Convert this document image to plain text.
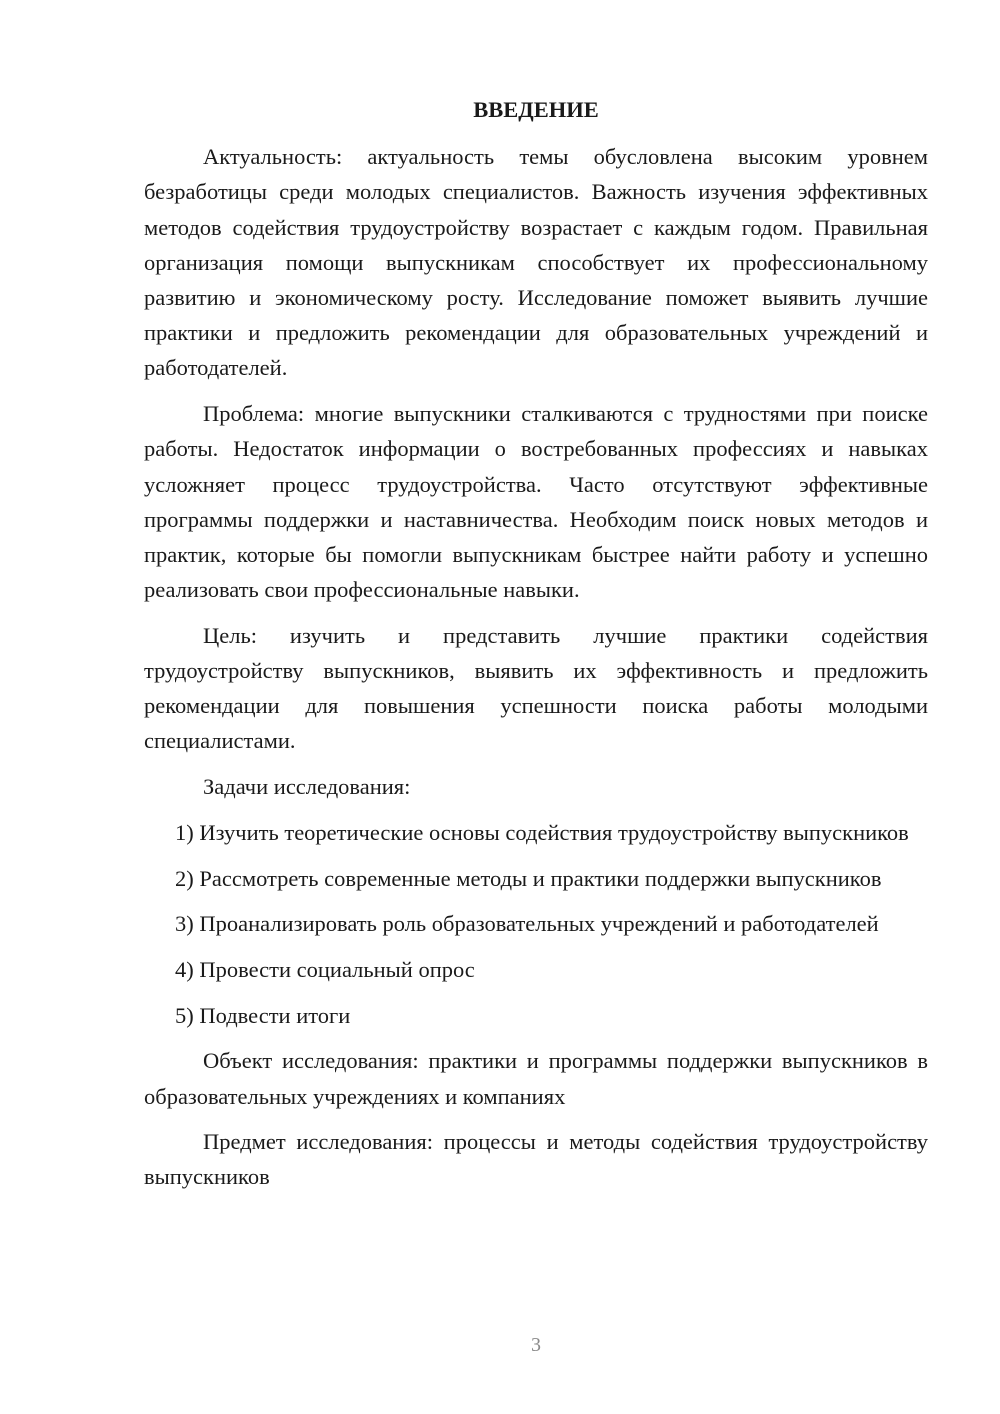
ВВЕДЕНИЕ

Актуальность: актуальность темы обусловлена высоким уровнем безработицы среди молодых специалистов. Важность изучения эффективных методов содействия трудоустройству возрастает с каждым годом. Правильная организация помощи выпускникам способствует их профессиональному развитию и экономическому росту. Исследование поможет выявить лучшие практики и предложить рекомендации для образовательных учреждений и работодателей.

Проблема: многие выпускники сталкиваются с трудностями при поиске работы. Недостаток информации о востребованных профессиях и навыках усложняет процесс трудоустройства. Часто отсутствуют эффективные программы поддержки и наставничества. Необходим поиск новых методов и практик, которые бы помогли выпускникам быстрее найти работу и успешно реализовать свои профессиональные навыки.

Цель: изучить и представить лучшие практики содействия трудоустройству выпускников, выявить их эффективность и предложить рекомендации для повышения успешности поиска работы молодыми специалистами.

Задачи исследования:

1) Изучить теоретические основы содействия трудоустройству выпускников

2) Рассмотреть современные методы и практики поддержки выпускников

3) Проанализировать роль образовательных учреждений и работодателей

4) Провести социальный опрос

5) Подвести итоги

Объект исследования: практики и программы поддержки выпускников в образовательных учреждениях и компаниях

Предмет исследования: процессы и методы содействия трудоустройству выпускников

3
